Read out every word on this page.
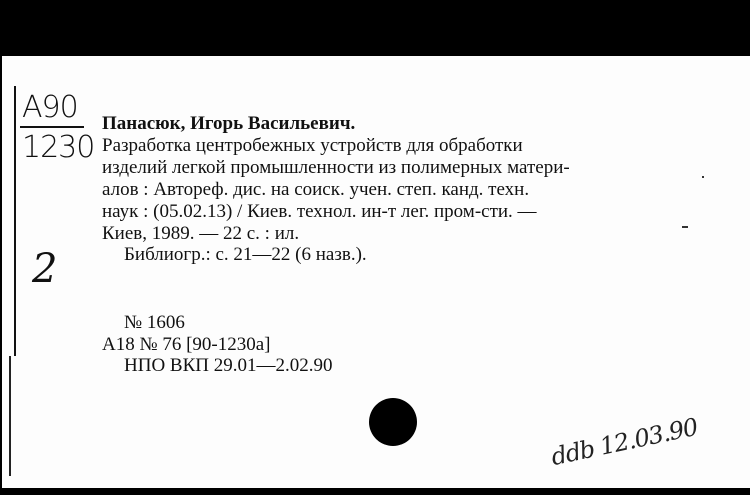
A90
1230
2
Панасюк, Игорь Васильевич.
Разработка центробежных устройств для обработки
изделий легкой промышленности из полимерных матери-
алов : Автореф. дис. на соиск. учен. степ. канд. техн.
наук : (05.02.13) / Киев. технол. ин-т лег. пром-сти. —
Киев, 1989. — 22 с. : ил.
Библиогр.: с. 21—22 (6 назв.).
№ 1606
А18 № 76 [90-1230а]
НПО ВКП 29.01—2.02.90
ddb 12.03.90
